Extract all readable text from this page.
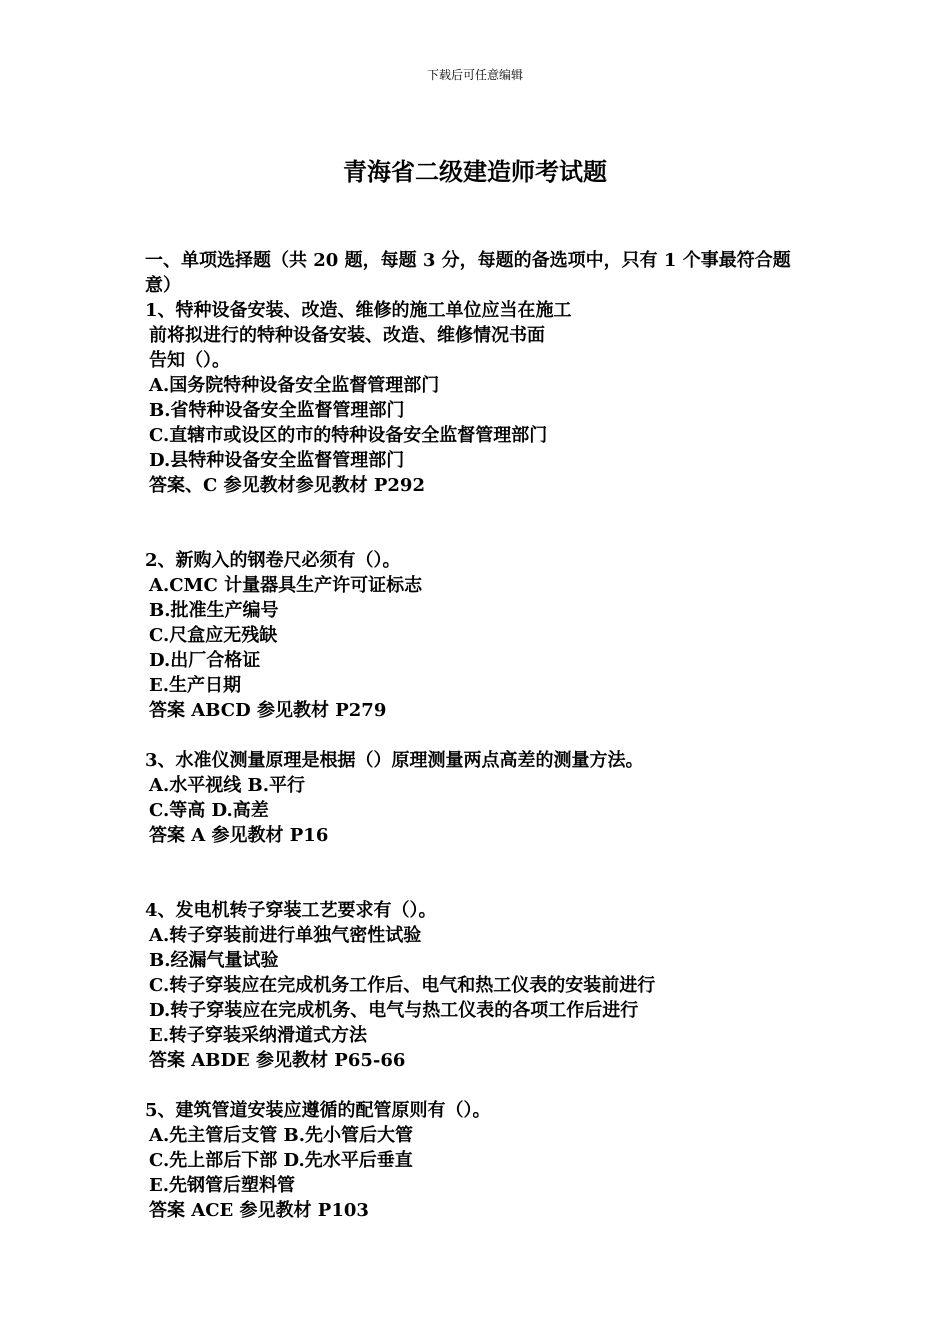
下载后可任意编辑
青海省二级建造师考试题
一、单项选择题（共 20 题，每题 3 分，每题的备选项中，只有 1 个事最符合题意）
1、特种设备安装、改造、维修的施工单位应当在施工
前将拟进行的特种设备安装、改造、维修情况书面
告知（）。
A.国务院特种设备安全监督管理部门
B.省特种设备安全监督管理部门
C.直辖市或设区的市的特种设备安全监督管理部门
D.县特种设备安全监督管理部门
答案、C 参见教材参见教材 P292
2、新购入的钢卷尺必须有（）。
A.CMC 计量器具生产许可证标志
B.批准生产编号
C.尺盒应无残缺
D.出厂合格证
E.生产日期
答案 ABCD 参见教材 P279
3、水准仪测量原理是根据（）原理测量两点高差的测量方法。
A.水平视线 B.平行
C.等高 D.高差
答案 A 参见教材 P16
4、发电机转子穿装工艺要求有（）。
A.转子穿装前进行单独气密性试验
B.经漏气量试验
C.转子穿装应在完成机务工作后、电气和热工仪表的安装前进行
D.转子穿装应在完成机务、电气与热工仪表的各项工作后进行
E.转子穿装采纳滑道式方法
答案 ABDE 参见教材 P65-66
5、建筑管道安装应遵循的配管原则有（）。
A.先主管后支管 B.先小管后大管
C.先上部后下部 D.先水平后垂直
E.先钢管后塑料管
答案 ACE 参见教材 P103
